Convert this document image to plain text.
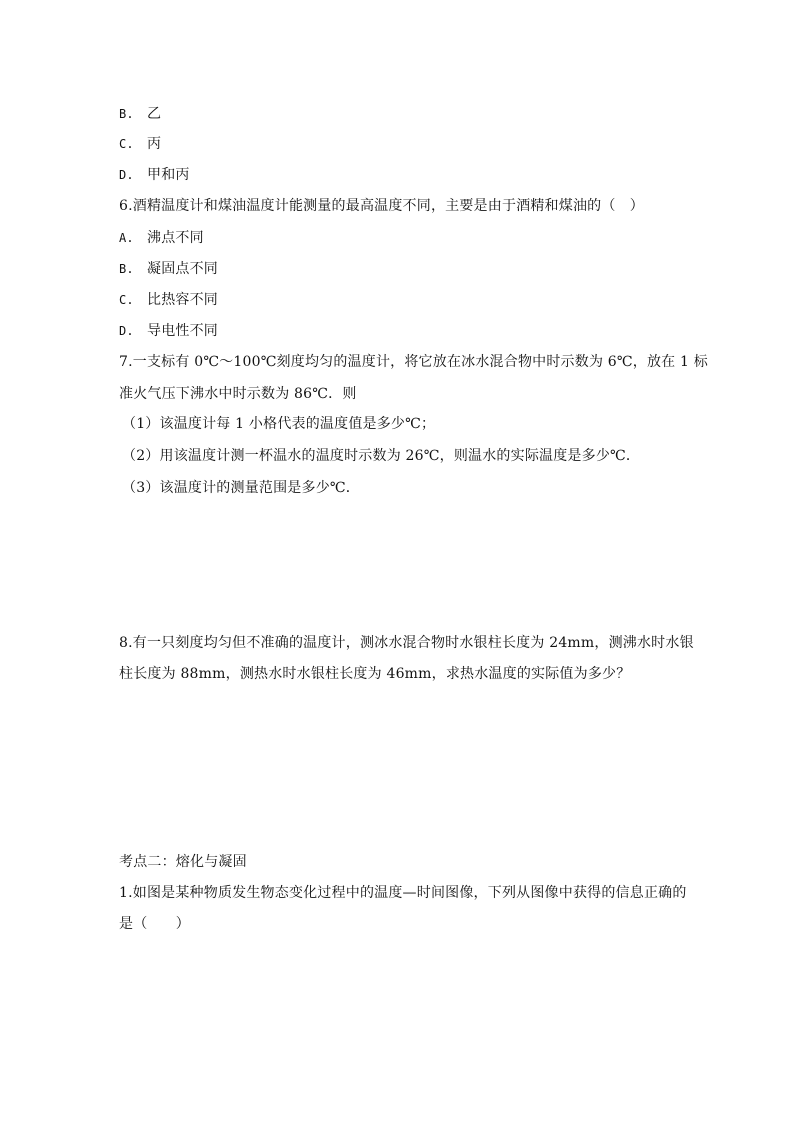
B. 乙
C. 丙
D. 甲和丙
6.酒精温度计和煤油温度计能测量的最高温度不同，主要是由于酒精和煤油的（　）
A. 沸点不同
B. 凝固点不同
C. 比热容不同
D. 导电性不同
7.一支标有 0℃～100℃刻度均匀的温度计，将它放在冰水混合物中时示数为 6℃，放在 1 标
准火气压下沸水中时示数为 86℃．则
（1）该温度计每 1 小格代表的温度值是多少℃；
（2）用该温度计测一杯温水的温度时示数为 26℃，则温水的实际温度是多少℃．
（3）该温度计的测量范围是多少℃．
8.有一只刻度均匀但不准确的温度计，测冰水混合物时水银柱长度为 24mm，测沸水时水银
柱长度为 88mm，测热水时水银柱长度为 46mm，求热水温度的实际值为多少？
考点二：熔化与凝固
1.如图是某种物质发生物态变化过程中的温度—时间图像，下列从图像中获得的信息正确的
是（　　）
